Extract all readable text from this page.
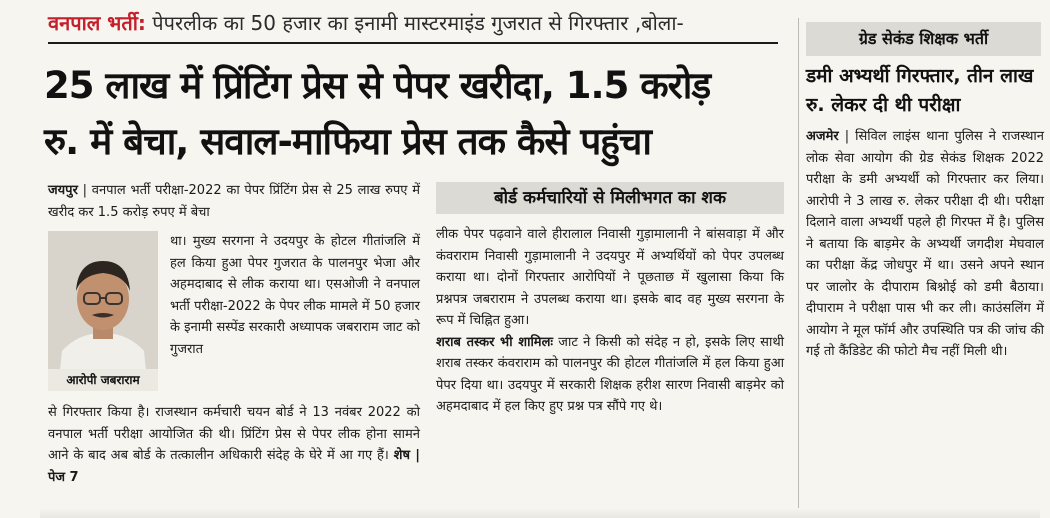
वनपाल भर्ती: पेपरलीक का 50 हजार का इनामी मास्टरमाइंड गुजरात से गिरफ्तार ,बोला-
25 लाख में प्रिंटिंग प्रेस से पेपर खरीदा, 1.5 करोड़
रु. में बेचा, सवाल-माफिया प्रेस तक कैसे पहुंचा
जयपुर | वनपाल भर्ती परीक्षा-2022 का पेपर प्रिंटिंग प्रेस से 25 लाख रुपए में खरीद कर 1.5 करोड़ रुपए में बेचा
आरोपी जबराराम
था। मुख्य सरगना ने उदयपुर के होटल गीतांजलि में हल किया हुआ पेपर गुजरात के पालनपुर भेजा और अहमदाबाद से लीक कराया था। एसओजी ने वनपाल भर्ती परीक्षा-2022 के पेपर लीक मामले में 50 हजार के इनामी सस्पेंड सरकारी अध्यापक जबराराम जाट को गुजरात
से गिरफ्तार किया है। राजस्थान कर्मचारी चयन बोर्ड ने 13 नवंबर 2022 को वनपाल भर्ती परीक्षा आयोजित की थी। प्रिंटिंग प्रेस से पेपर लीक होना सामने आने के बाद अब बोर्ड के तत्कालीन अधिकारी संदेह के घेरे में आ गए हैं। शेष | पेज 7
बोर्ड कर्मचारियों से मिलीभगत का शक

लीक पेपर पढ़वाने वाले हीरालाल निवासी गुड़ामालानी ने बांसवाड़ा में और कंवराराम निवासी गुड़ामालानी ने उदयपुर में अभ्यर्थियों को पेपर उपलब्ध कराया था। दोनों गिरफ्तार आरोपियों ने पूछताछ में खुलासा किया कि प्रश्नपत्र जबराराम ने उपलब्ध कराया था। इसके बाद वह मुख्य सरगना के रूप में चिह्नित हुआ।

शराब तस्कर भी शामिलः जाट ने किसी को संदेह न हो, इसके लिए साथी शराब तस्कर कंवराराम को पालनपुर की होटल गीतांजलि में हल किया हुआ पेपर दिया था। उदयपुर में सरकारी शिक्षक हरीश सारण निवासी बाड़मेर को अहमदाबाद में हल किए हुए प्रश्न पत्र सौंपे गए थे।

ग्रेड सेकंड शिक्षक भर्ती
डमी अभ्यर्थी गिरफ्तार, तीन लाख रु. लेकर दी थी परीक्षा
अजमेर | सिविल लाइंस थाना पुलिस ने राजस्थान लोक सेवा आयोग की ग्रेड सेकंड शिक्षक 2022 परीक्षा के डमी अभ्यर्थी को गिरफ्तार कर लिया। आरोपी ने 3 लाख रु. लेकर परीक्षा दी थी। परीक्षा दिलाने वाला अभ्यर्थी पहले ही गिरफ्त में है। पुलिस ने बताया कि बाड़मेर के अभ्यर्थी जगदीश मेघवाल का परीक्षा केंद्र जोधपुर में था। उसने अपने स्थान पर जालोर के दीपाराम बिश्नोई को डमी बैठाया। दीपाराम ने परीक्षा पास भी कर ली। काउंसलिंग में आयोग ने मूल फॉर्म और उपस्थिति पत्र की जांच की गई तो कैंडिडेट की फोटो मैच नहीं मिली थी।
